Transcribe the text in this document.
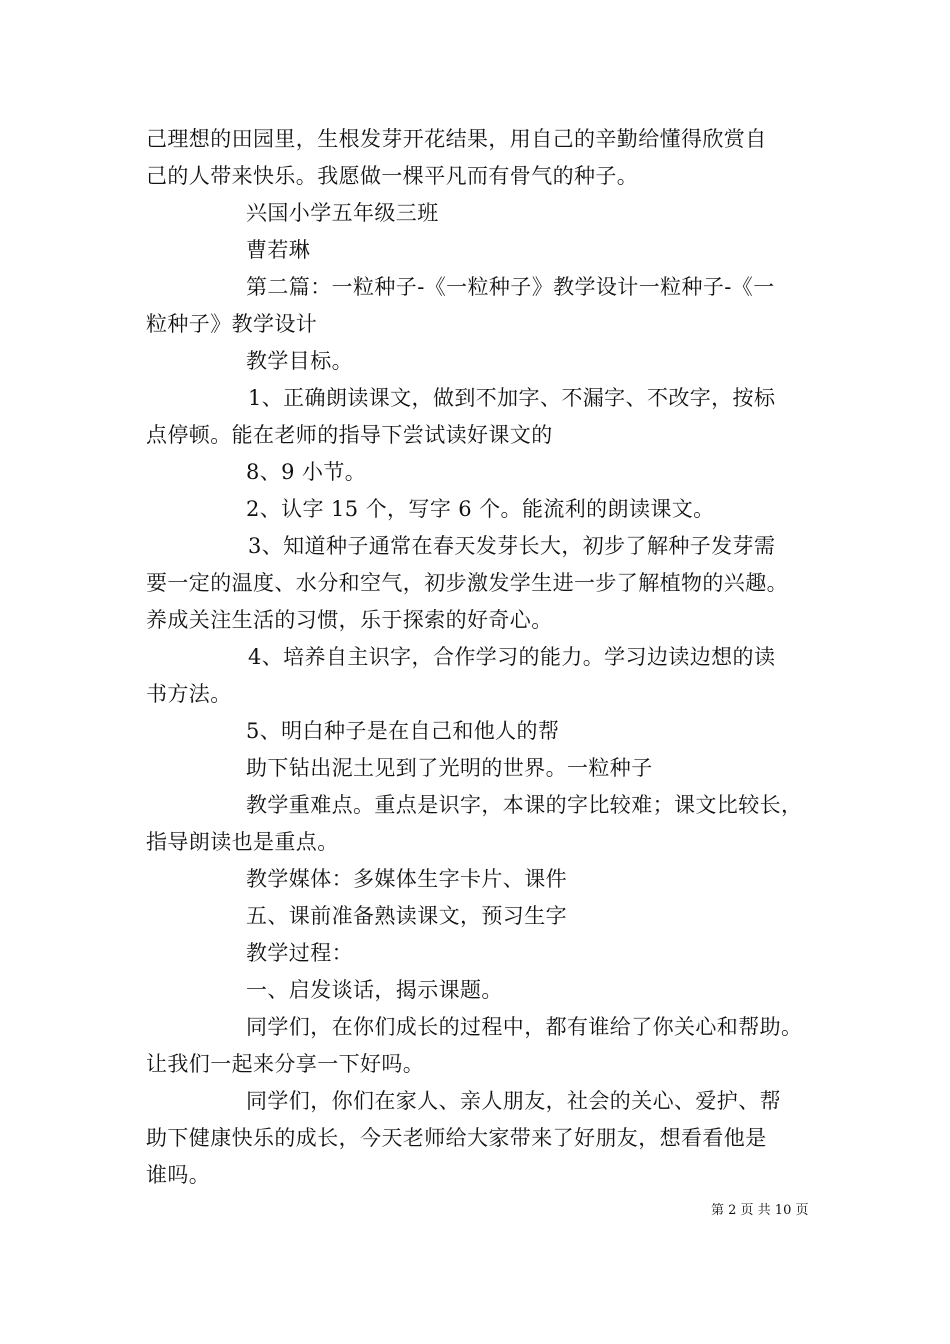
己理想的田园里，生根发芽开花结果，用自己的辛勤给懂得欣赏自
己的人带来快乐。我愿做一棵平凡而有骨气的种子。
兴国小学五年级三班
曹若琳
第二篇：一粒种子-《一粒种子》教学设计一粒种子-《一
粒种子》教学设计
教学目标。
1、正确朗读课文，做到不加字、不漏字、不改字，按标
点停顿。能在老师的指导下尝试读好课文的
8、9 小节。
2、认字 15 个，写字 6 个。能流利的朗读课文。
3、知道种子通常在春天发芽长大，初步了解种子发芽需
要一定的温度、水分和空气，初步激发学生进一步了解植物的兴趣。
养成关注生活的习惯，乐于探索的好奇心。
4、培养自主识字，合作学习的能力。学习边读边想的读
书方法。
5、明白种子是在自己和他人的帮
助下钻出泥土见到了光明的世界。一粒种子
教学重难点。重点是识字，本课的字比较难；课文比较长，
指导朗读也是重点。
教学媒体：多媒体生字卡片、课件
五、课前准备熟读课文，预习生字
教学过程：
一、启发谈话，揭示课题。
同学们，在你们成长的过程中，都有谁给了你关心和帮助。
让我们一起来分享一下好吗。
同学们，你们在家人、亲人朋友，社会的关心、爱护、帮
助下健康快乐的成长，今天老师给大家带来了好朋友，想看看他是
谁吗。
第 2 页 共 10 页
